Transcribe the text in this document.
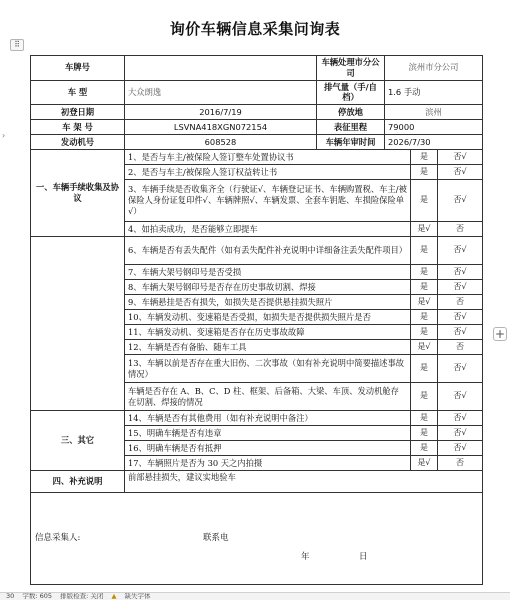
询价车辆信息采集问询表
⠿
›
+
车牌号		车辆处理市分公司	滨州市分公司		
车 型	大众朗逸	排气量（手/自档）	1.6 手动		
初登日期	2016/7/19	停放地	滨州		
车 架 号	LSVNA418XGN072154	表征里程	79000		
发动机号	608528	车辆年审时间	2026/7/30		
一、车辆手续收集及协议	1、是否与车主/被保险人签订整车处置协议书			是	否√
	2、是否与车主/被保险人签订权益转让书			是	否√
	3、车辆手续是否收集齐全（行驶证√、车辆登记证书、车辆购置税、车主/被保险人身份证复印件√、车辆牌照√、车辆发票、全套车钥匙、车损险保险单√）			是	否√
	4、如拍卖成功，是否能够立即提车			是√	否
	6、车辆是否有丢失配件（如有丢失配件补充说明中详细备注丢失配件项目）			是	否√
	7、车辆大架号钢印号是否受损			是	否√
	8、车辆大架号钢印号是否存在历史事故切割、焊接			是	否√
	9、车辆悬挂是否有损失，如损失是否提供悬挂损失照片			是√	否
	10、车辆发动机、变速箱是否受损，如损失是否提供损失照片是否			是	否√
	11、车辆发动机、变速箱是否存在历史事故故障			是	否√
	12、车辆是否有备胎、随车工具			是√	否
	13、车辆以前是否存在重大旧伤、二次事故（如有补充说明中简要描述事故情况）			是	否√
	车辆是否存在 A、B、C、D 柱、框架、后备箱、大梁、车顶、发动机舱存在切割、焊接的情况			是	否√
三、其它	14、车辆是否有其他费用（如有补充说明中备注）			是	否√
	15、明确车辆是否有违章			是	否√
	16、明确车辆是否有抵押			是	否√
	17、车辆照片是否为 30 天之内拍摄			是√	否
四、补充说明	前部悬挂损失，建议实地验车				

信息采集人: 联系电
年 日					
30 字数: 605 排版检查: 关闭 ▲ 缺失字体
